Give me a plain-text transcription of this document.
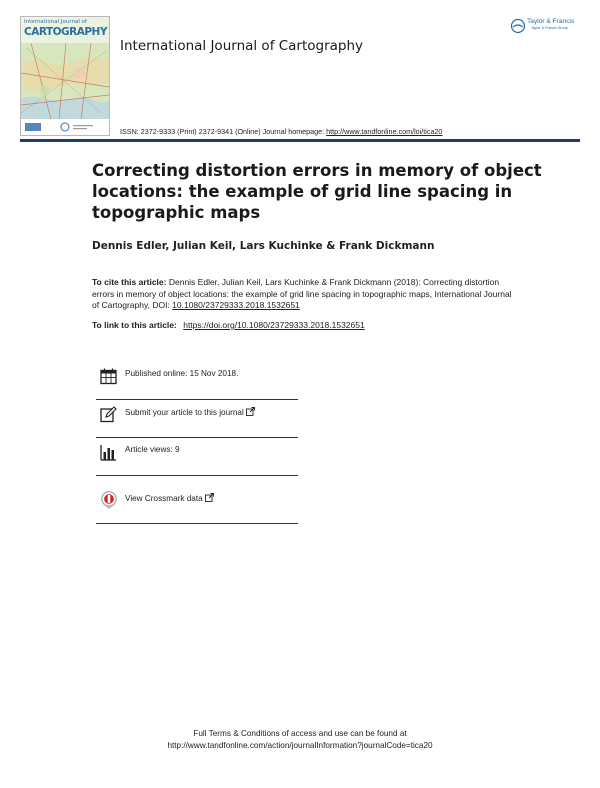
International Journal of
CARTOGRAPHY
International Journal of Cartography
ISSN: 2372-9333 (Print) 2372-9341 (Online) Journal homepage: http://www.tandfonline.com/loi/tica20
Taylor & Francis
Taylor & Francis Group
Correcting distortion errors in memory of object locations: the example of grid line spacing in topographic maps
Dennis Edler, Julian Keil, Lars Kuchinke & Frank Dickmann
To cite this article: Dennis Edler, Julian Keil, Lars Kuchinke & Frank Dickmann (2018): Correcting distortion errors in memory of object locations: the example of grid line spacing in topographic maps, International Journal of Cartography, DOI: 10.1080/23729333.2018.1532651
To link to this article: https://doi.org/10.1080/23729333.2018.1532651
Published online: 15 Nov 2018.
Submit your article to this journal
Article views: 9
View Crossmark data
Full Terms & Conditions of access and use can be found at
http://www.tandfonline.com/action/journalInformation?journalCode=tica20
